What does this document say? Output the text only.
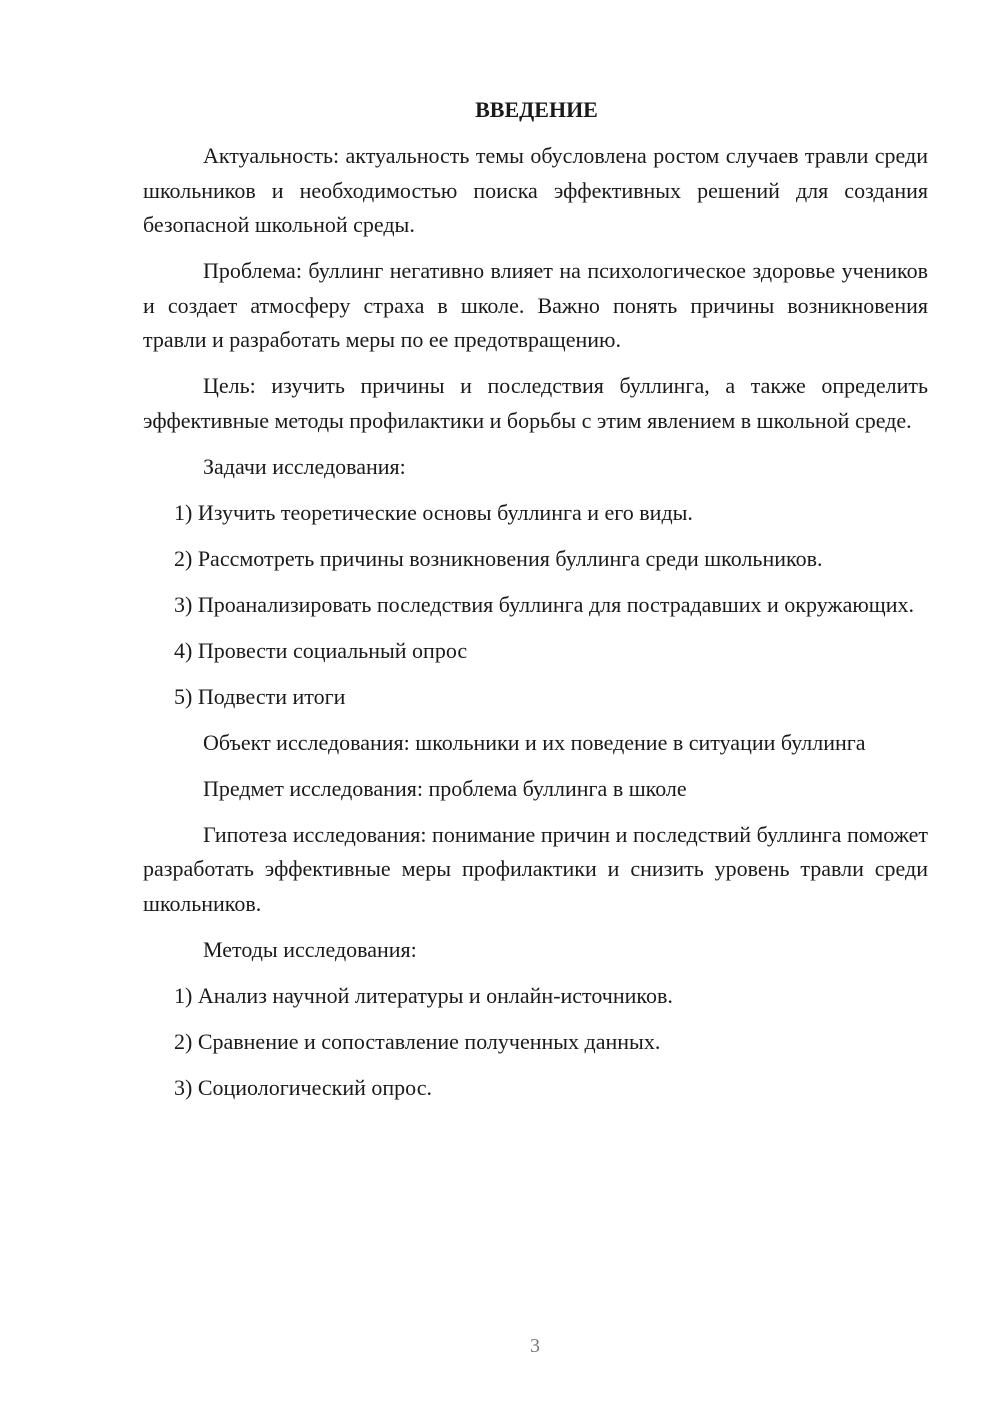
ВВЕДЕНИЕ

Актуальность: актуальность темы обусловлена ростом случаев травли среди школьников и необходимостью поиска эффективных решений для создания безопасной школьной среды.

Проблема: буллинг негативно влияет на психологическое здоровье учеников и создает атмосферу страха в школе. Важно понять причины возникновения травли и разработать меры по ее предотвращению.

Цель: изучить причины и последствия буллинга, а также определить эффективные методы профилактики и борьбы с этим явлением в школьной среде.

Задачи исследования:

1) Изучить теоретические основы буллинга и его виды.

2) Рассмотреть причины возникновения буллинга среди школьников.

3) Проанализировать последствия буллинга для пострадавших и окружающих.

4) Провести социальный опрос

5) Подвести итоги

Объект исследования: школьники и их поведение в ситуации буллинга

Предмет исследования: проблема буллинга в школе

Гипотеза исследования: понимание причин и последствий буллинга поможет разработать эффективные меры профилактики и снизить уровень травли среди школьников.

Методы исследования:

1) Анализ научной литературы и онлайн-источников.

2) Сравнение и сопоставление полученных данных.

3) Социологический опрос.

3
